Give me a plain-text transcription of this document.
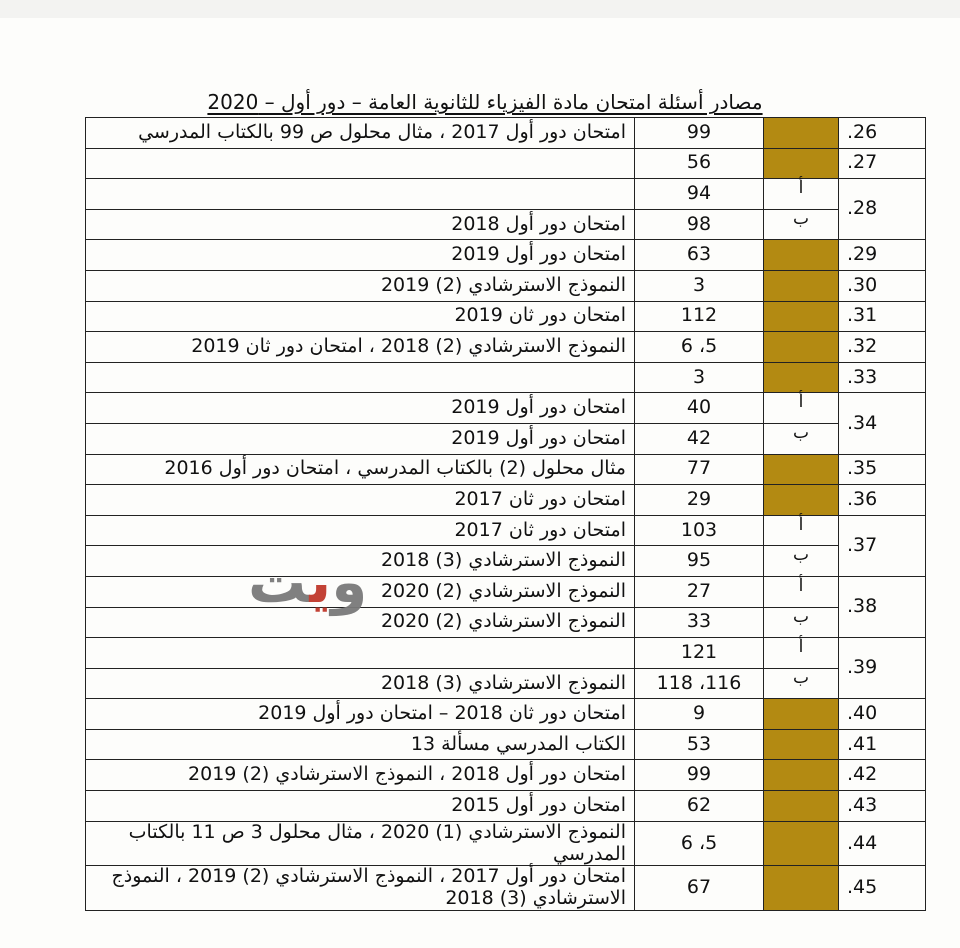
مصادر أسئلة امتحان مادة الفيزياء للثانوية العامة – دور أول – 2020
.26		99	امتحان دور أول 2017 ، مثال محلول ص 99 بالكتاب المدرسي
.27		56	
.28	أ	94	
	ب	98	امتحان دور أول 2018
.29		63	امتحان دور أول 2019
.30		3	النموذج الاسترشادي (2) 2019
.31		112	امتحان دور ثان 2019
.32		5، 6	النموذج الاسترشادي (2) 2018 ، امتحان دور ثان 2019
.33		3	
.34	أ	40	امتحان دور أول 2019
	ب	42	امتحان دور أول 2019
.35		77	مثال محلول (2) بالكتاب المدرسي ، امتحان دور أول 2016
.36		29	امتحان دور ثان 2017
.37	أ	103	امتحان دور ثان 2017
	ب	95	النموذج الاسترشادي (3) 2018
.38	أ	27	النموذج الاسترشادي (2) 2020
	ب	33	النموذج الاسترشادي (2) 2020
.39	أ	121	
	ب	116، 118	النموذج الاسترشادي (3) 2018
.40		9	امتحان دور ثان 2018 – امتحان دور أول 2019
.41		53	الكتاب المدرسي مسألة 13
.42		99	امتحان دور أول 2018 ، النموذج الاسترشادي (2) 2019
.43		62	امتحان دور أول 2015
.44		5، 6	النموذج الاسترشادي (1) 2020 ، مثال محلول 3 ص 11 بالكتاب المدرسي
.45		67	امتحان دور أول 2017 ، النموذج الاسترشادي (2) 2019 ، النموذج الاسترشادي (3) 2018
ويت
